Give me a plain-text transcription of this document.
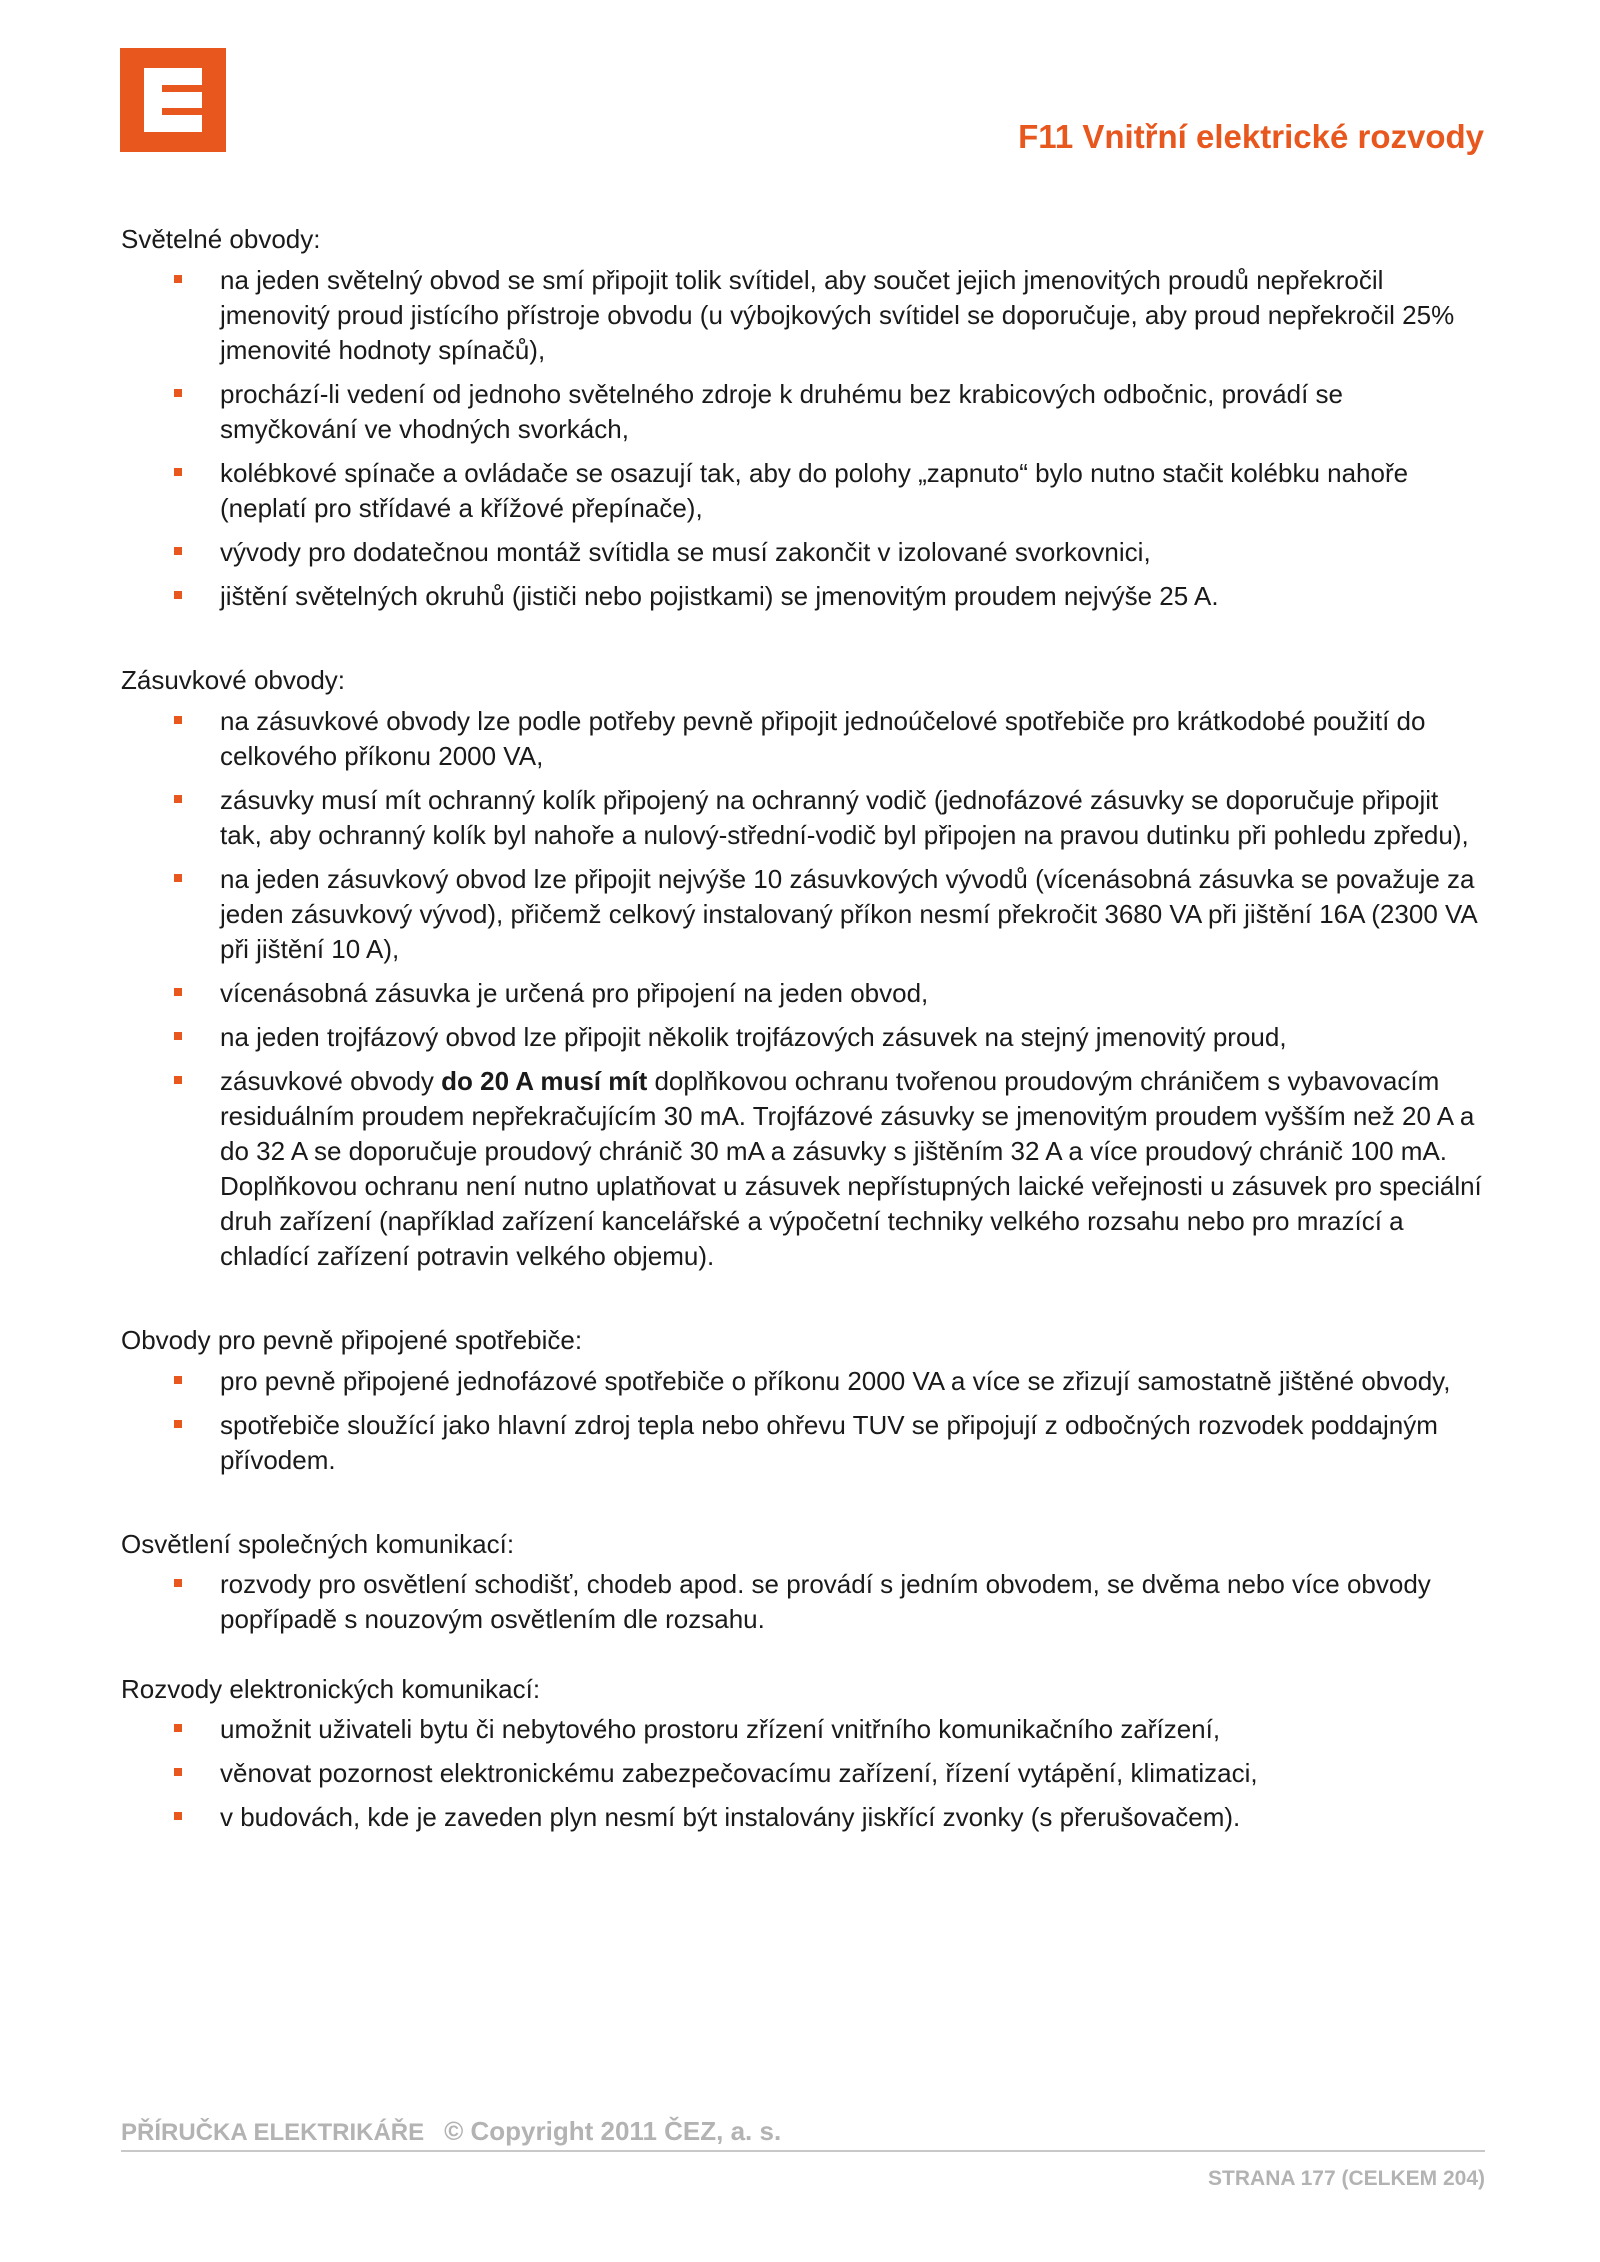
F11 Vnitřní elektrické rozvody

Světelné obvody:

na jeden světelný obvod se smí připojit tolik svítidel, aby součet jejich jmenovitých proudů nepřekročil jmenovitý proud jistícího přístroje obvodu (u výbojkových svítidel se doporučuje, aby proud nepřekročil 25% jmenovité hodnoty spínačů),
prochází-li vedení od jednoho světelného zdroje k druhému bez krabicových odbočnic, provádí se smyčkování ve vhodných svorkách,
kolébkové spínače a ovládače se osazují tak, aby do polohy „zapnuto“ bylo nutno stačit kolébku nahoře (neplatí pro střídavé a křížové přepínače),
vývody pro dodatečnou montáž svítidla se musí zakončit v izolované svorkovnici,
jištění světelných okruhů (jističi nebo pojistkami) se jmenovitým proudem nejvýše 25 A.

Zásuvkové obvody:

na zásuvkové obvody lze podle potřeby pevně připojit jednoúčelové spotřebiče pro krátkodobé použití do celkového příkonu 2000 VA,
zásuvky musí mít ochranný kolík připojený na ochranný vodič (jednofázové zásuvky se doporučuje připojit tak, aby ochranný kolík byl nahoře a nulový-střední-vodič byl připojen na pravou dutinku při pohledu zpředu),
na jeden zásuvkový obvod lze připojit nejvýše 10 zásuvkových vývodů (vícenásobná zásuvka se považuje za jeden zásuvkový vývod), přičemž celkový instalovaný příkon nesmí překročit 3680 VA při jištění 16A (2300 VA při jištění 10 A),
vícenásobná zásuvka je určená pro připojení na jeden obvod,
na jeden trojfázový obvod lze připojit několik trojfázových zásuvek na stejný jmenovitý proud,
zásuvkové obvody do 20 A musí mít doplňkovou ochranu tvořenou proudovým chráničem s vybavovacím residuálním proudem nepřekračujícím 30 mA. Trojfázové zásuvky se jmenovitým proudem vyšším než 20 A a do 32 A se doporučuje proudový chránič 30 mA a zásuvky s jištěním 32 A a více proudový chránič 100 mA. Doplňkovou ochranu není nutno uplatňovat u zásuvek nepřístupných laické veřejnosti u zásuvek pro speciální druh zařízení (například zařízení kancelářské a výpočetní techniky velkého rozsahu nebo pro mrazící a chladící zařízení potravin velkého objemu).

Obvody pro pevně připojené spotřebiče:

pro pevně připojené jednofázové spotřebiče o příkonu 2000 VA a více se zřizují samostatně jištěné obvody,
spotřebiče sloužící jako hlavní zdroj tepla nebo ohřevu TUV se připojují z odbočných rozvodek poddajným přívodem.

Osvětlení společných komunikací:

rozvody pro osvětlení schodišť, chodeb apod. se provádí s jedním obvodem, se dvěma nebo více obvody popřípadě s nouzovým osvětlením dle rozsahu.

Rozvody elektronických komunikací:

umožnit uživateli bytu či nebytového prostoru zřízení vnitřního komunikačního zařízení,
věnovat pozornost elektronickému zabezpečovacímu zařízení, řízení vytápění, klimatizaci,
v budovách, kde je zaveden plyn nesmí být instalovány jiskřící zvonky (s přerušovačem).
PŘÍRUČKA ELEKTRIKÁŘE © Copyright 2011 ČEZ, a. s.
STRANA 177 (CELKEM 204)
